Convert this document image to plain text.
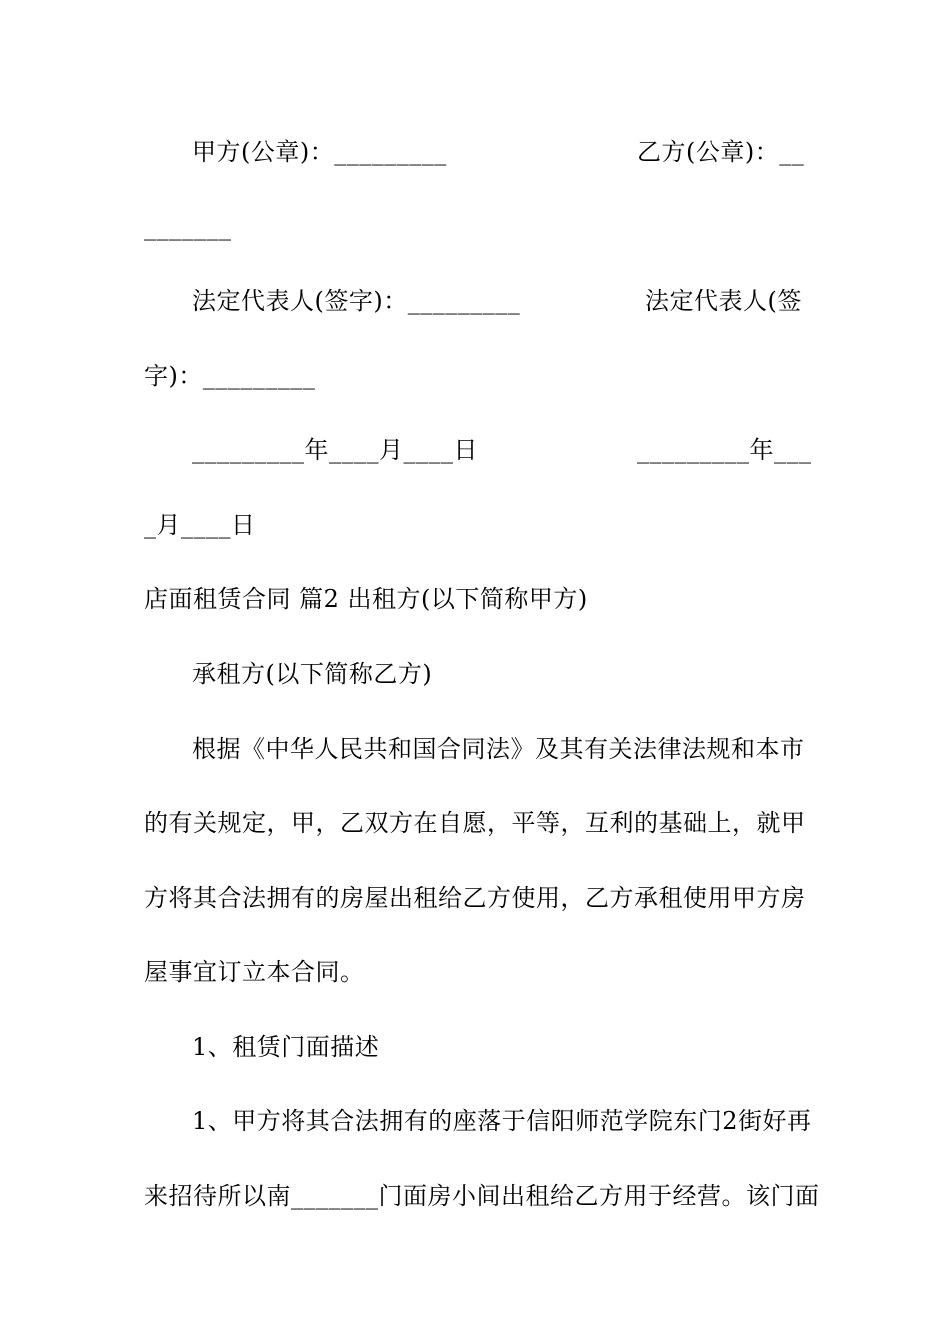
甲方(公章)：_________	乙方(公章)：__
_______
法定代表人(签字)：_________	法定代表人(签
字)：_________
_________年____月____日	_________年___
_月____日
店面租赁合同 篇2 出租方(以下简称甲方)
承租方(以下简称乙方)
根据《中华人民共和国合同法》及其有关法律法规和本市
的有关规定，甲，乙双方在自愿，平等，互利的基础上，就甲
方将其合法拥有的房屋出租给乙方使用，乙方承租使用甲方房
屋事宜订立本合同。
1、租赁门面描述
1、甲方将其合法拥有的座落于信阳师范学院东门2街好再
来招待所以南_______门面房小间出租给乙方用于经营。该门面
